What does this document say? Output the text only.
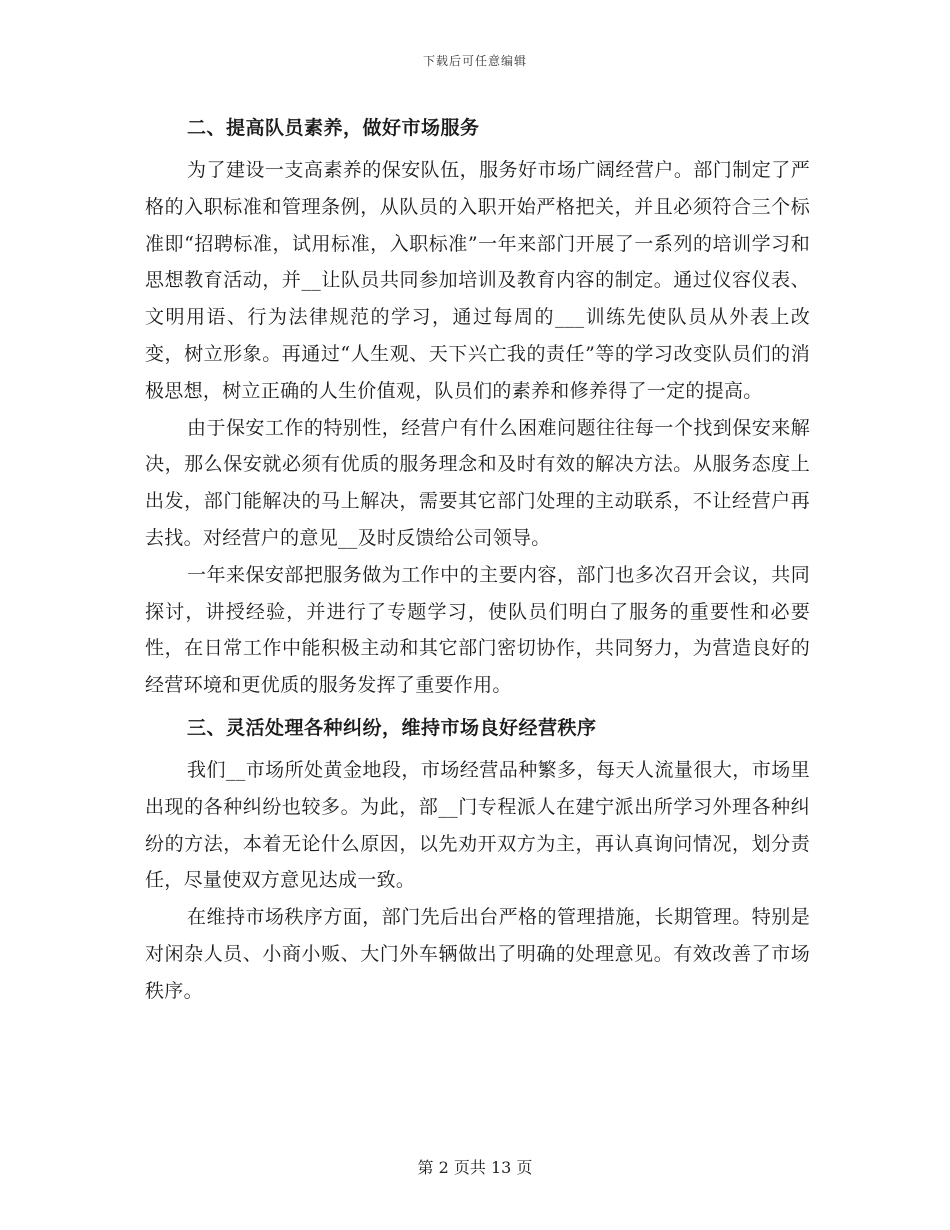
下载后可任意编辑
二、提高队员素养，做好市场服务

为了建设一支高素养的保安队伍，服务好市场广阔经营户。部门制定了严格的入职标准和管理条例，从队员的入职开始严格把关，并且必须符合三个标准即“招聘标准，试用标准，入职标准”一年来部门开展了一系列的培训学习和思想教育活动，并__让队员共同参加培训及教育内容的制定。通过仪容仪表、文明用语、行为法律规范的学习，通过每周的___训练先使队员从外表上改变，树立形象。再通过“人生观、天下兴亡我的责任”等的学习改变队员们的消极思想，树立正确的人生价值观，队员们的素养和修养得了一定的提高。

由于保安工作的特别性，经营户有什么困难问题往往每一个找到保安来解决，那么保安就必须有优质的服务理念和及时有效的解决方法。从服务态度上出发，部门能解决的马上解决，需要其它部门处理的主动联系，不让经营户再去找。对经营户的意见__及时反馈给公司领导。

一年来保安部把服务做为工作中的主要内容，部门也多次召开会议，共同探讨，讲授经验，并进行了专题学习，使队员们明白了服务的重要性和必要性，在日常工作中能积极主动和其它部门密切协作，共同努力，为营造良好的经营环境和更优质的服务发挥了重要作用。

三、灵活处理各种纠纷，维持市场良好经营秩序

我们__市场所处黄金地段，市场经营品种繁多，每天人流量很大，市场里出现的各种纠纷也较多。为此，部__门专程派人在建宁派出所学习外理各种纠纷的方法，本着无论什么原因，以先劝开双方为主，再认真询问情况，划分责任，尽量使双方意见达成一致。

在维持市场秩序方面，部门先后出台严格的管理措施，长期管理。特别是对闲杂人员、小商小贩、大门外车辆做出了明确的处理意见。有效改善了市场秩序。

第 2 页共 13 页
